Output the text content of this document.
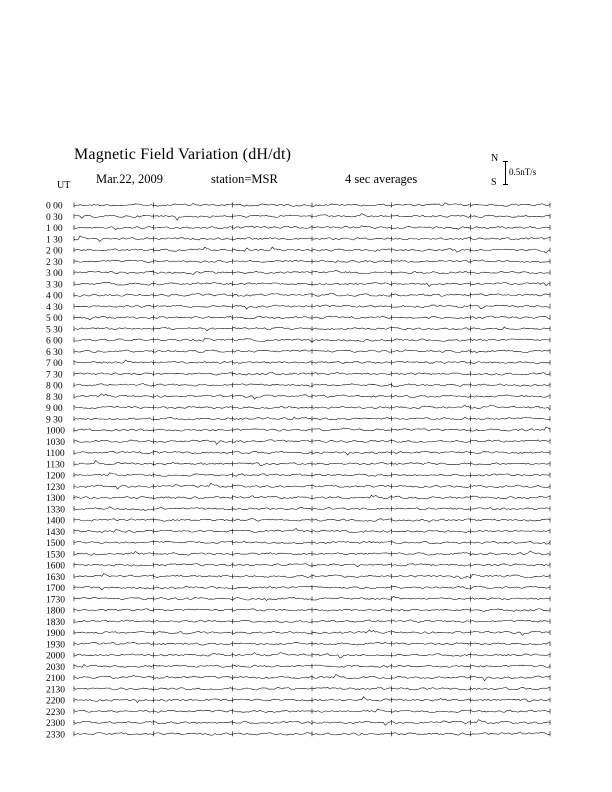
Magnetic Field Variation (dH/dt)
Mar.22, 2009	station=MSR	4 sec averages
UT
N
0.5nT/s
S
0 00
0 30
1 00
1 30
2 00
2 30
3 00
3 30
4 00
4 30
5 00
5 30
6 00
6 30
7 00
7 30
8 00
8 30
9 00
9 30
1000
1030
1100
1130
1200
1230
1300
1330
1400
1430
1500
1530
1600
1630
1700
1730
1800
1830
1900
1930
2000
2030
2100
2130
2200
2230
2300
2330
